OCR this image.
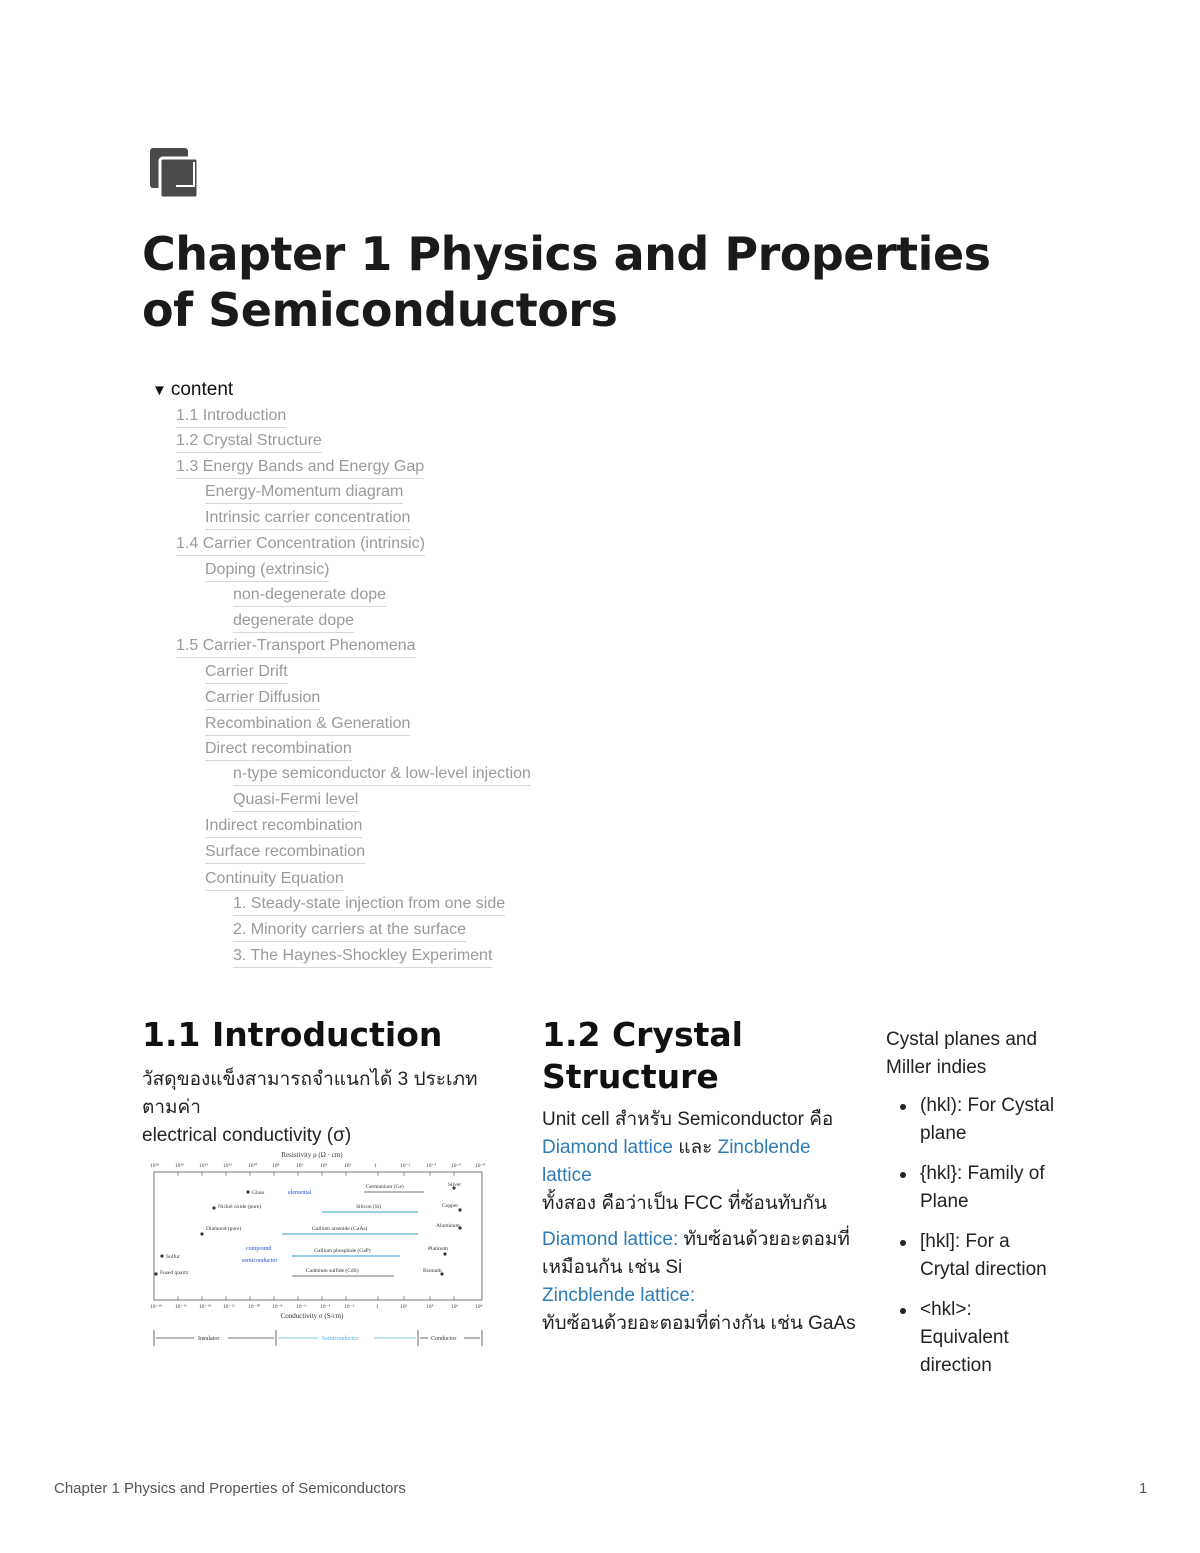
Chapter 1 Physics and Properties of Semiconductors
▼ content
1.1 Introduction
1.2 Crystal Structure
1.3 Energy Bands and Energy Gap
Energy-Momentum diagram
Intrinsic carrier concentration
1.4 Carrier Concentration (intrinsic)
Doping (extrinsic)
non-degenerate dope
degenerate dope
1.5 Carrier-Transport Phenomena
Carrier Drift
Carrier Diffusion
Recombination & Generation
Direct recombination
n-type semiconductor & low-level injection
Quasi-Fermi level
Indirect recombination
Surface recombination
Continuity Equation
1. Steady-state injection from one side
2. Minority carriers at the surface
3. The Haynes-Shockley Experiment
1.1 Introduction
วัสดุของแข็งสามารถจำแนกได้ 3 ประเภท ตามค่า
electrical conductivity (σ)
Resistivity ρ (Ω · cm)
10¹⁸	10¹⁶	10¹⁴	10¹²	10¹⁰	10⁸	10⁶	10⁴	10²	1	10⁻²	10⁻⁴	10⁻⁶ 10⁻⁸
Glass
Nickel oxide (pure)
Diamond (pure)
Sulfur
Fused quartz
Silver
Copper
Aluminum
Platinum
Bismuth
Germanium (Ge)
Silicon (Si)
Gallium arsenide (GaAs)
Gallium phosphide (GaP)
Cadmium sulfide (CdS)
elemental
compound
semiconductor
10⁻¹⁸ 10⁻¹⁶ 10⁻¹⁴ 10⁻¹² 10⁻¹⁰ 10⁻⁸ 10⁻⁶ 10⁻⁴ 10⁻²	1	10²	10⁴	10⁶	10⁸
Conductivity σ (S/cm)
Insulator	Semiconductor	Conductor
1.2 Crystal
Structure
Unit cell สำหรับ Semiconductor คือ
Diamond lattice และ Zincblende
lattice
ทั้งสอง คือว่าเป็น FCC ที่ซ้อนทับกัน
Diamond lattice: ทับซ้อนด้วยอะตอมที่
เหมือนกัน เช่น Si
Zincblende lattice:
ทับซ้อนด้วยอะตอมที่ต่างกัน เช่น GaAs
Cystal planes and
Miller indies
(hkl): For Cystal
plane
{hkl}: Family of
Plane
[hkl]: For a
Crytal direction
<hkl>:
Equivalent
direction
Chapter 1 Physics and Properties of Semiconductors	1
